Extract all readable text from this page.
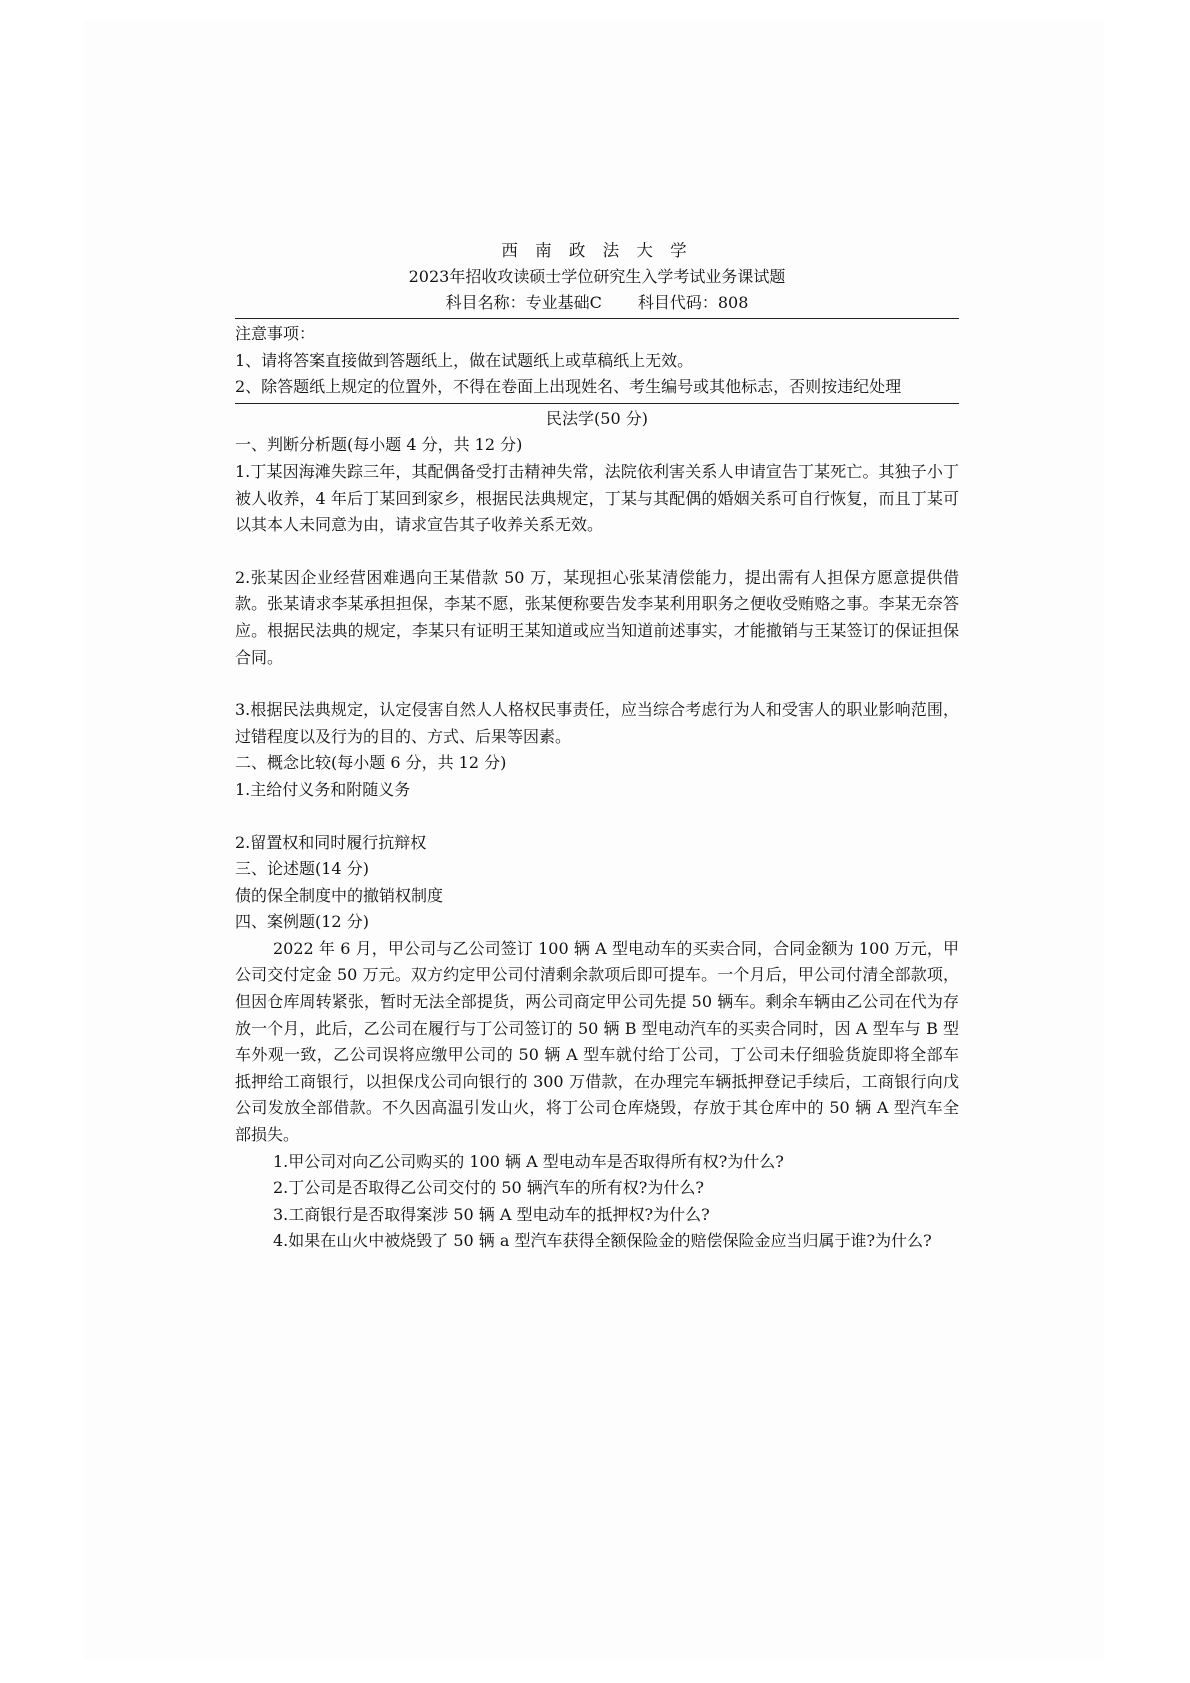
西 南 政 法 大 学

2023年招收攻读硕士学位研究生入学考试业务课试题

科目名称：专业基础C 科目代码：808

注意事项：

1、请将答案直接做到答题纸上，做在试题纸上或草稿纸上无效。

2、除答题纸上规定的位置外，不得在卷面上出现姓名、考生编号或其他标志，否则按违纪处理

民法学(50 分)

一、判断分析题(每小题 4 分，共 12 分)

1.丁某因海滩失踪三年，其配偶备受打击精神失常，法院依利害关系人申请宣告丁某死亡。其独子小丁被人收养，4 年后丁某回到家乡，根据民法典规定，丁某与其配偶的婚姻关系可自行恢复，而且丁某可以其本人未同意为由，请求宣告其子收养关系无效。

2.张某因企业经营困难遇向王某借款 50 万，某现担心张某清偿能力，提出需有人担保方愿意提供借款。张某请求李某承担担保，李某不愿，张某便称要告发李某利用职务之便收受贿赂之事。李某无奈答应。根据民法典的规定，李某只有证明王某知道或应当知道前述事实，才能撤销与王某签订的保证担保合同。

3.根据民法典规定，认定侵害自然人人格权民事责任，应当综合考虑行为人和受害人的职业影响范围，过错程度以及行为的目的、方式、后果等因素。

二、概念比较(每小题 6 分，共 12 分)

1.主给付义务和附随义务

2.留置权和同时履行抗辩权

三、论述题(14 分)

债的保全制度中的撤销权制度

四、案例题(12 分)

2022 年 6 月，甲公司与乙公司签订 100 辆 A 型电动车的买卖合同，合同金额为 100 万元，甲公司交付定金 50 万元。双方约定甲公司付清剩余款项后即可提车。一个月后，甲公司付清全部款项，但因仓库周转紧张，暂时无法全部提货，两公司商定甲公司先提 50 辆车。剩余车辆由乙公司在代为存放一个月，此后，乙公司在履行与丁公司签订的 50 辆 B 型电动汽车的买卖合同时，因 A 型车与 B 型车外观一致，乙公司误将应缴甲公司的 50 辆 A 型车就付给丁公司，丁公司未仔细验货旋即将全部车抵押给工商银行，以担保戊公司向银行的 300 万借款，在办理完车辆抵押登记手续后，工商银行向戊公司发放全部借款。不久因高温引发山火，将丁公司仓库烧毁，存放于其仓库中的 50 辆 A 型汽车全部损失。

1.甲公司对向乙公司购买的 100 辆 A 型电动车是否取得所有权?为什么?

2.丁公司是否取得乙公司交付的 50 辆汽车的所有权?为什么?

3.工商银行是否取得案涉 50 辆 A 型电动车的抵押权?为什么?

4.如果在山火中被烧毁了 50 辆 a 型汽车获得全额保险金的赔偿保险金应当归属于谁?为什么?
